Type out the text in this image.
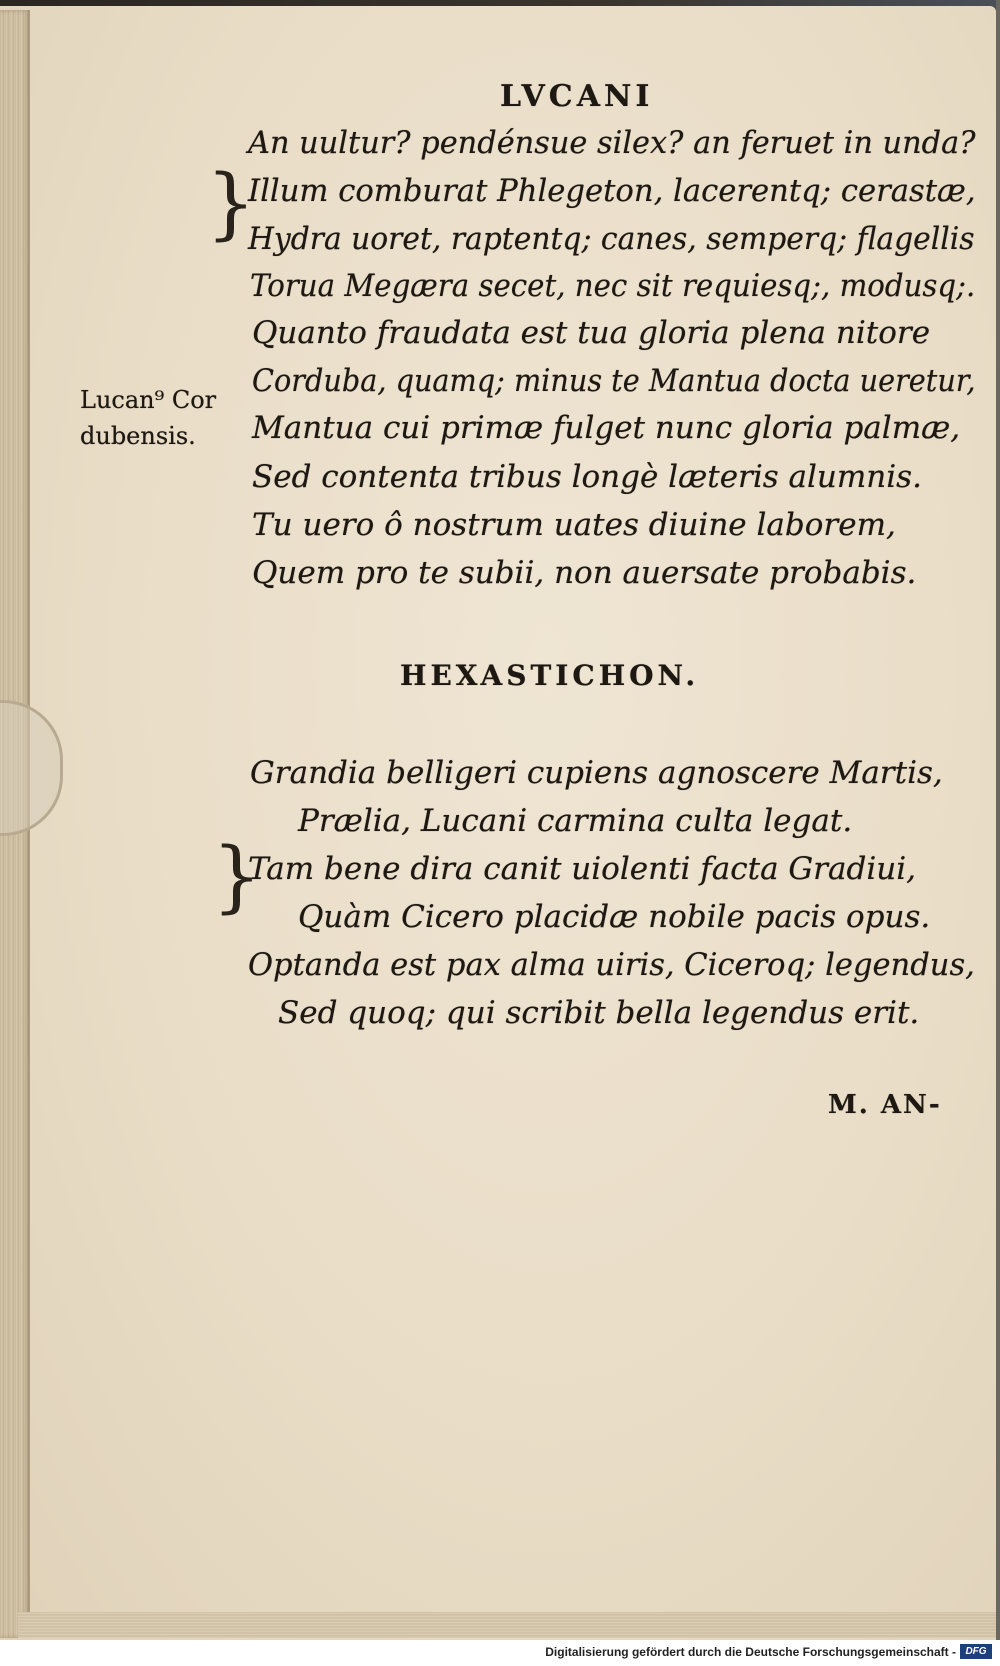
LVCANI
}
An uultur? pendénsue silex? an feruet in unda?
Illum comburat Phlegeton, lacerentq; cerastæ,
Hydra uoret, raptentq; canes, semperq; flagellis
Torua Megæra secet, nec sit requiesq;, modusq;.
Quanto fraudata est tua gloria plena nitore
Corduba, quamq; minus te Mantua docta ueretur,
Mantua cui primæ fulget nunc gloria palmæ,
Sed contenta tribus longè læteris alumnis.
Tu uero ô nostrum uates diuine laborem,
Quem pro te subii, non auersate probabis.
Lucan⁹ Cor
dubensis.
HEXASTICHON.
}
Grandia belligeri cupiens agnoscere Martis,
Prælia, Lucani carmina culta legat.
Tam bene dira canit uiolenti facta Gradiui,
Quàm Cicero placidæ nobile pacis opus.
Optanda est pax alma uiris, Ciceroq; legendus,
Sed quoq; qui scribit bella legendus erit.
M. AN-
Digitalisierung gefördert durch die Deutsche Forschungsgemeinschaft - DFG
